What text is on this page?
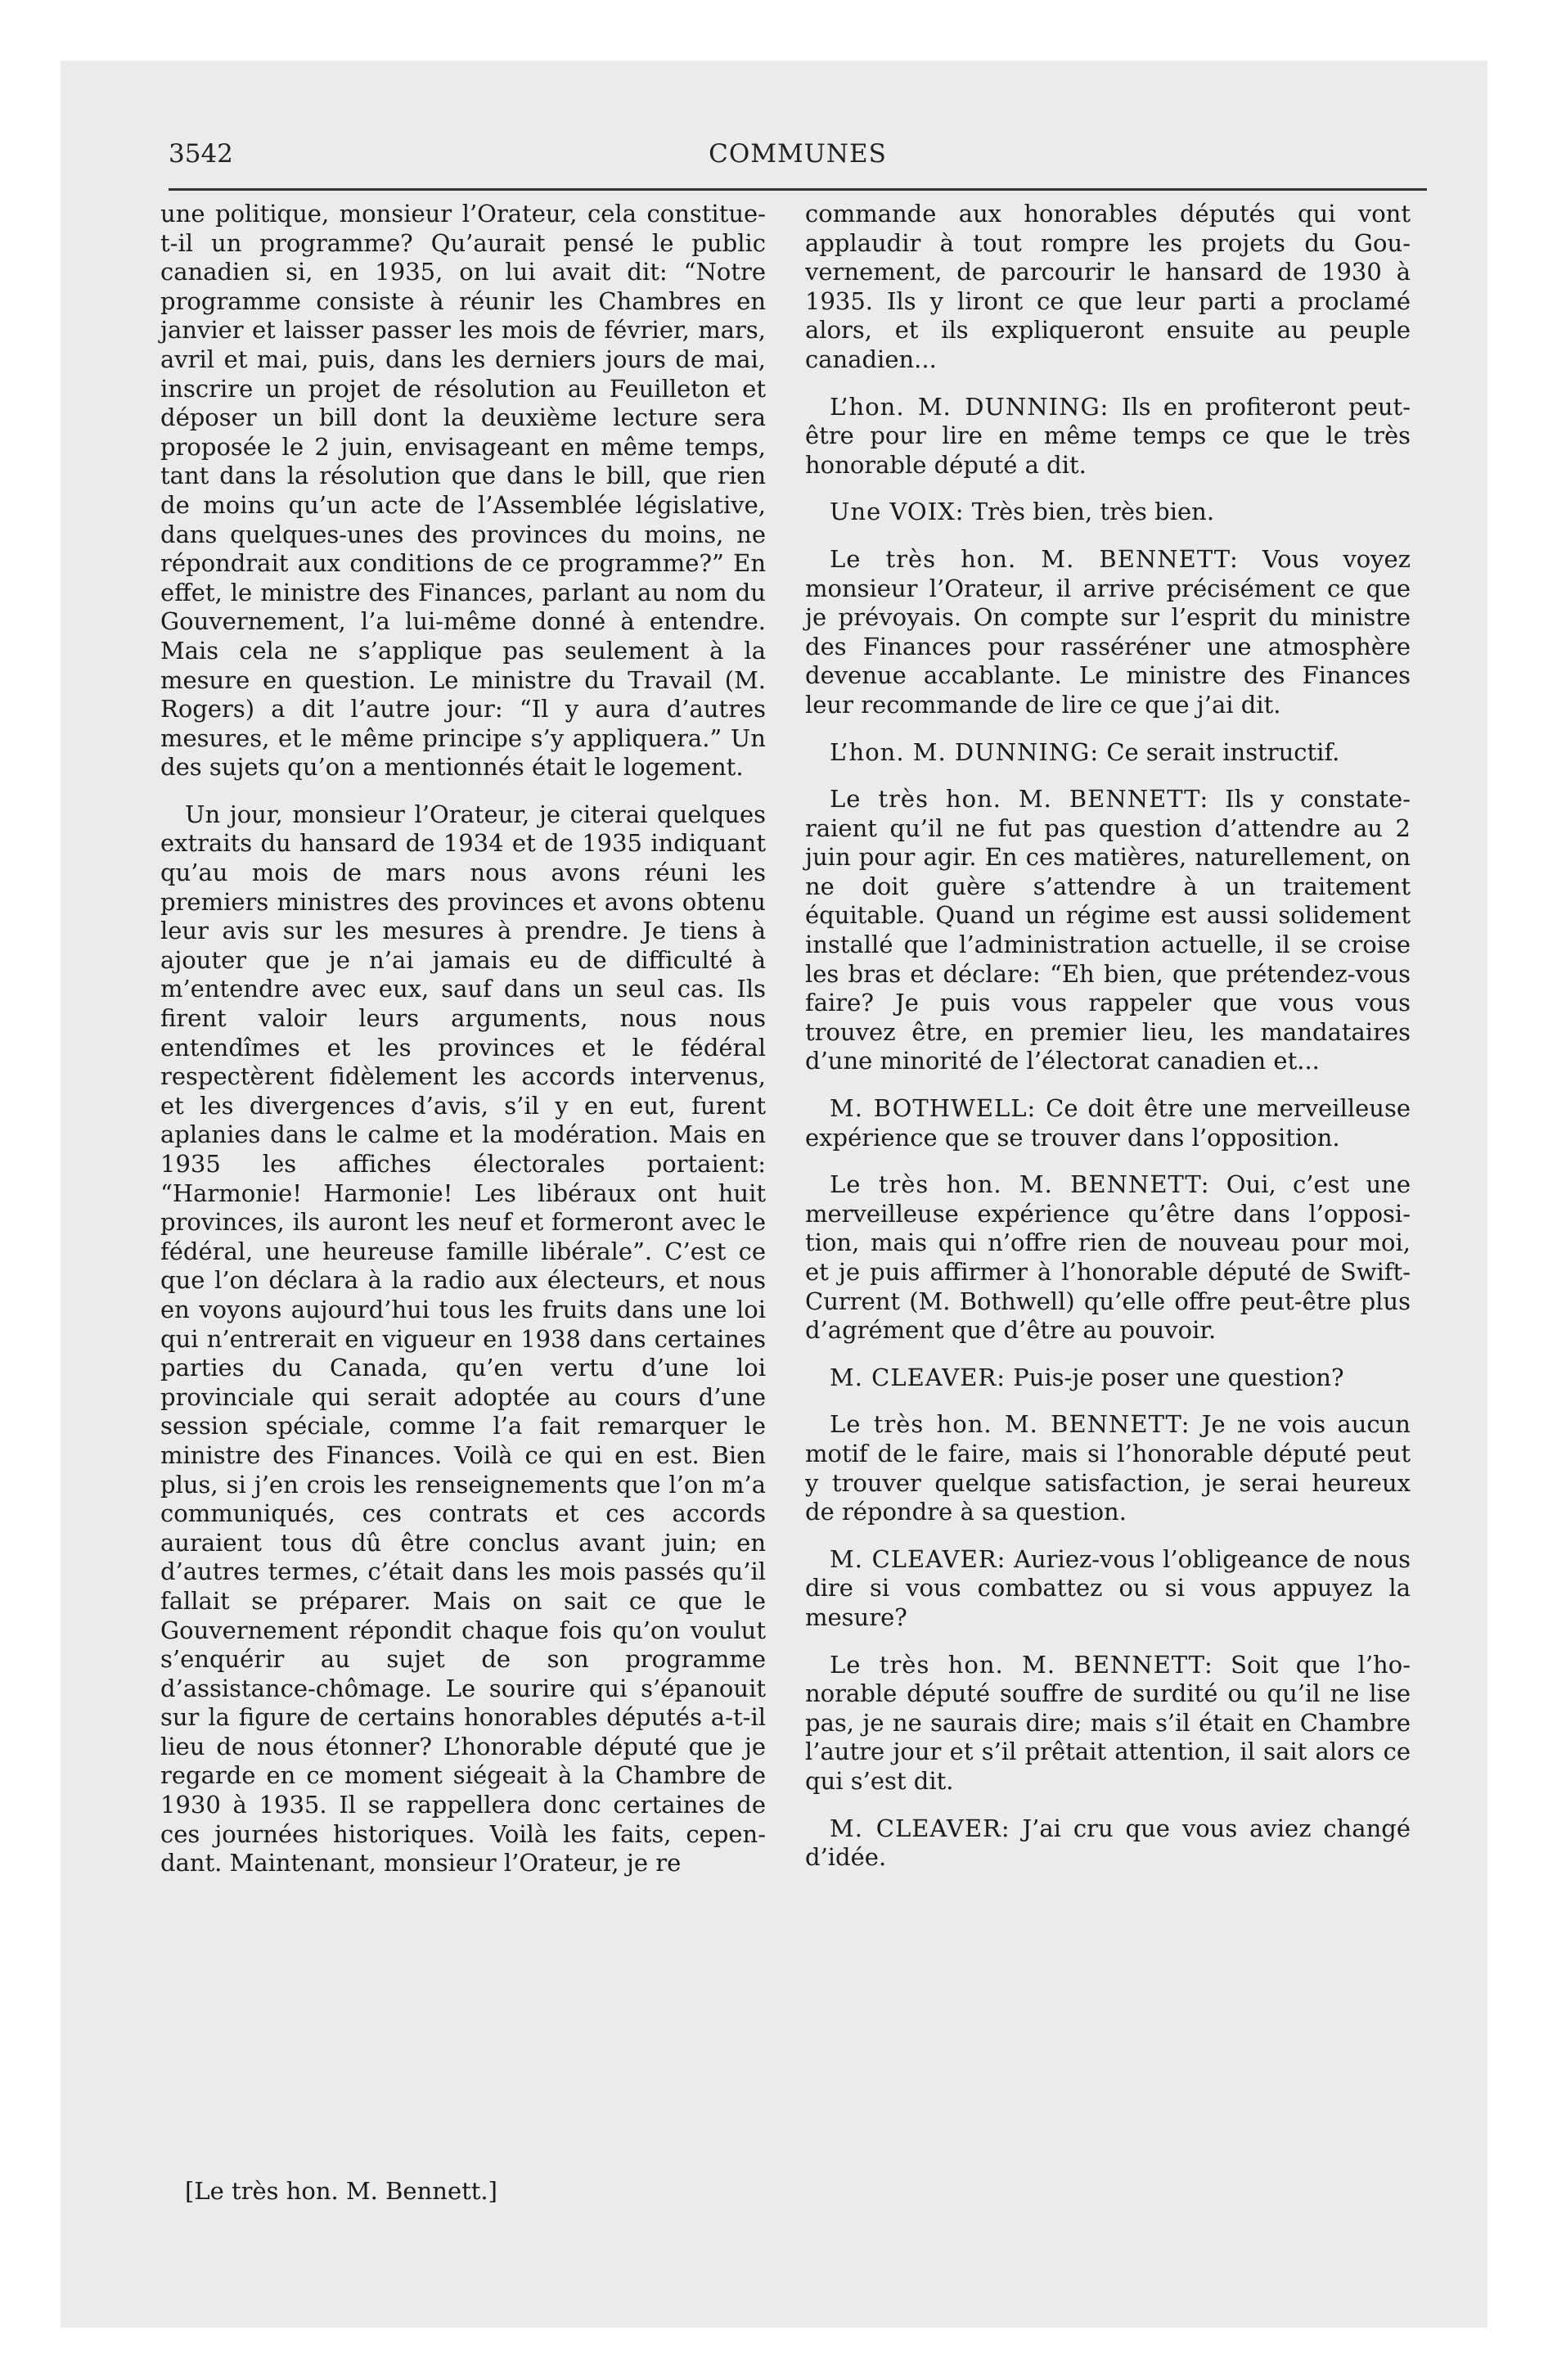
3542	COMMUNES

une politique, monsieur l’Orateur, cela constitue-t-il un programme? Qu’aurait pensé le public canadien si, en 1935, on lui avait dit: “Notre programme consiste à réunir les Chambres en janvier et laisser passer les mois de février, mars, avril et mai, puis, dans les derniers jours de mai, inscrire un projet de résolution au Feuilleton et déposer un bill dont la deuxième lecture sera proposée le 2 juin, envisageant en même temps, tant dans la résolution que dans le bill, que rien de moins qu’un acte de l’Assemblée législative, dans quelques-unes des provinces du moins, ne répondrait aux conditions de ce programme?” En effet, le ministre des Finances, parlant au nom du Gouvernement, l’a lui-même donné à entendre. Mais cela ne s’applique pas seulement à la mesure en question. Le ministre du Travail (M. Rogers) a dit l’autre jour: “Il y aura d’autres mesures, et le même principe s’y appliquera.” Un des sujets qu’on a mentionnés était le logement.

Un jour, monsieur l’Orateur, je citerai quelques extraits du hansard de 1934 et de 1935 indiquant qu’au mois de mars nous avons réuni les premiers ministres des provinces et avons obtenu leur avis sur les mesures à prendre. Je tiens à ajouter que je n’ai jamais eu de difficulté à m’entendre avec eux, sauf dans un seul cas. Ils firent valoir leurs arguments, nous nous entendîmes et les provinces et le fédéral respectèrent fidèlement les accords intervenus, et les divergences d’avis, s’il y en eut, furent aplanies dans le calme et la modération. Mais en 1935 les affiches électorales portaient: “Harmonie! Harmonie! Les libéraux ont huit provinces, ils auront les neuf et formeront avec le fédéral, une heureuse famille libérale”. C’est ce que l’on déclara à la radio aux électeurs, et nous en voyons aujourd’hui tous les fruits dans une loi qui n’entrerait en vigueur en 1938 dans certaines parties du Canada, qu’en vertu d’une loi provinciale qui serait adoptée au cours d’une session spéciale, comme l’a fait remarquer le ministre des Finances. Voilà ce qui en est. Bien plus, si j’en crois les renseignements que l’on m’a communiqués, ces contrats et ces accords auraient tous dû être conclus avant juin; en d’autres termes, c’était dans les mois passés qu’il fallait se préparer. Mais on sait ce que le Gouvernement répondit chaque fois qu’on voulut s’enquérir au sujet de son programme d’assistance-chômage. Le sourire qui s’épanouit sur la figure de certains honorables députés a-t-il lieu de nous étonner? L’honorable député que je regarde en ce moment siégeait à la Chambre de 1930 à 1935. Il se rappellera donc certaines de ces journées historiques. Voilà les faits, cependant. Maintenant, monsieur l’Orateur, je re

[Le très hon. M. Bennett.]

commande aux honorables députés qui vont applaudir à tout rompre les projets du Gouvernement, de parcourir le hansard de 1930 à 1935. Ils y liront ce que leur parti a proclamé alors, et ils expliqueront ensuite au peuple canadien...

L’hon. M. DUNNING: Ils en profiteront peut-être pour lire en même temps ce que le très honorable député a dit.

Une VOIX: Très bien, très bien.

Le très hon. M. BENNETT: Vous voyez monsieur l’Orateur, il arrive précisément ce que je prévoyais. On compte sur l’esprit du ministre des Finances pour rasséréner une atmosphère devenue accablante. Le ministre des Finances leur recommande de lire ce que j’ai dit.

L’hon. M. DUNNING: Ce serait instructif.

Le très hon. M. BENNETT: Ils y constateraient qu’il ne fut pas question d’attendre au 2 juin pour agir. En ces matières, naturellement, on ne doit guère s’attendre à un traitement équitable. Quand un régime est aussi solidement installé que l’administration actuelle, il se croise les bras et déclare: “Eh bien, que prétendez-vous faire? Je puis vous rappeler que vous vous trouvez être, en premier lieu, les mandataires d’une minorité de l’électorat canadien et...

M. BOTHWELL: Ce doit être une merveilleuse expérience que se trouver dans l’opposition.

Le très hon. M. BENNETT: Oui, c’est une merveilleuse expérience qu’être dans l’opposition, mais qui n’offre rien de nouveau pour moi, et je puis affirmer à l’honorable député de Swift-Current (M. Bothwell) qu’elle offre peut-être plus d’agrément que d’être au pouvoir.

M. CLEAVER: Puis-je poser une question?

Le très hon. M. BENNETT: Je ne vois aucun motif de le faire, mais si l’honorable député peut y trouver quelque satisfaction, je serai heureux de répondre à sa question.

M. CLEAVER: Auriez-vous l’obligeance de nous dire si vous combattez ou si vous appuyez la mesure?

Le très hon. M. BENNETT: Soit que l’honorable député souffre de surdité ou qu’il ne lise pas, je ne saurais dire; mais s’il était en Chambre l’autre jour et s’il prêtait attention, il sait alors ce qui s’est dit.

M. CLEAVER: J’ai cru que vous aviez changé d’idée.
